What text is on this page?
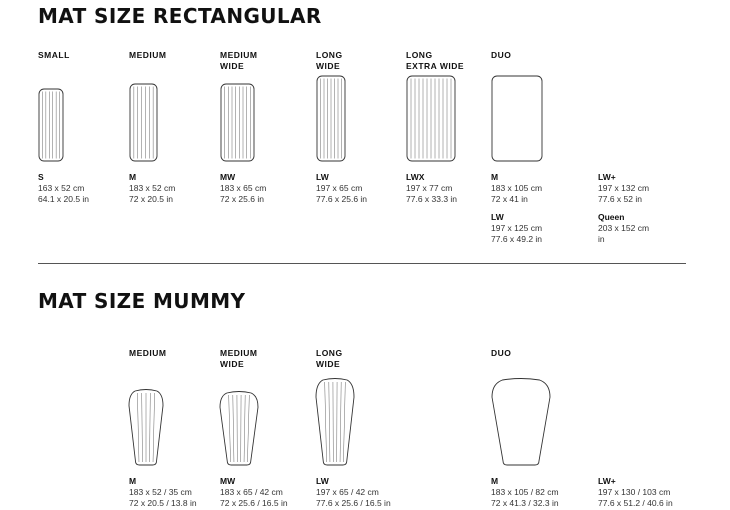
MAT SIZE RECTANGULAR
SMALL	MEDIUM	MEDIUM
WIDE
LONG
WIDE
LONG
EXTRA WIDE
DUO
S
163 x 52 cm
64.1 x 20.5 in
M
183 x 52 cm
72 x 20.5 in
MW
183 x 65 cm
72 x 25.6 in
LW
197 x 65 cm
77.6 x 25.6 in
LWX
197 x 77 cm
77.6 x 33.3 in
M
183 x 105 cm
72 x 41 in
LW+
197 x 132 cm
77.6 x 52 in
LW
197 x 125 cm
77.6 x 49.2 in
Queen
203 x 152 cm
in
MAT SIZE MUMMY
MEDIUM	MEDIUM
WIDE
LONG
WIDE
DUO
M
183 x 52 / 35 cm
72 x 20.5 / 13.8 in
MW
183 x 65 / 42 cm
72 x 25.6 / 16.5 in
LW
197 x 65 / 42 cm
77.6 x 25.6 / 16.5 in
M
183 x 105 / 82 cm
72 x 41.3 / 32.3 in
LW+
197 x 130 / 103 cm
77.6 x 51.2 / 40.6 in
